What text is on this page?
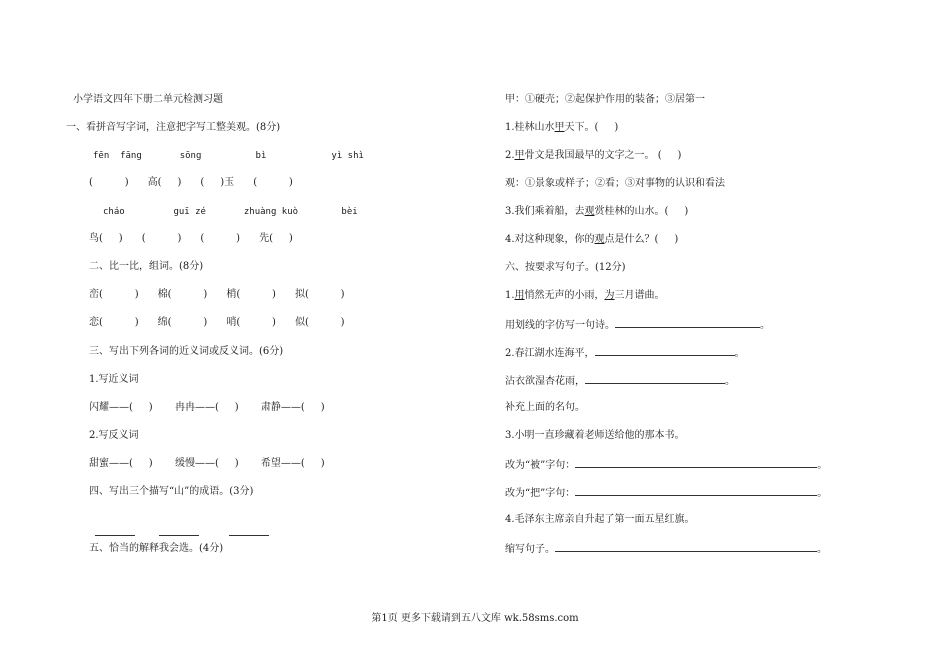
小学语文四年下册二单元检测习题
一、看拼音写字词，注意把字写工整美观。(8分)
fēn  fāng       sōng          bì            yì shì
(          )      高(     )      (     )玉      (          )
cháo         guī zé       zhuàng kuò        bèi
鸟(     )      (          )      (          )      先(     )
二、比一比，组词。(8分)
峦(          )      棉(          )      梢(          )      拟(          )
恋(          )      绵(          )      哨(          )      似(          )
三、写出下列各词的近义词或反义词。(6分)
1.写近义词
闪耀——(     )       冉冉——(     )       肃静——(     )
2.写反义词
甜蜜——(     )       缓慢——(     )       希望——(     )
四、写出三个描写“山”的成语。(3分)

五、恰当的解释我会选。(4分)
甲：①硬壳；②起保护作用的装备；③居第一
1.桂林山水甲天下。(     )
2.甲骨文是我国最早的文字之一。 (     )
观：①景象或样子；②看；③对事物的认识和看法
3.我们乘着船，去观赏桂林的山水。(     )
4.对这种现象，你的观点是什么？(     )
六、按要求写句子。(12分)
1.用悄然无声的小雨，为三月谱曲。
用划线的字仿写一句诗。	。
2.春江湖水连海平，	。
沾衣欲湿杏花雨，	。
补充上面的名句。
3.小明一直珍藏着老师送给他的那本书。
改为“被”字句：	。
改为“把”字句：	。
4.毛泽东主席亲自升起了第一面五星红旗。
缩写句子。	。
第1页 更多下载请到五八文库 wk.58sms.com
